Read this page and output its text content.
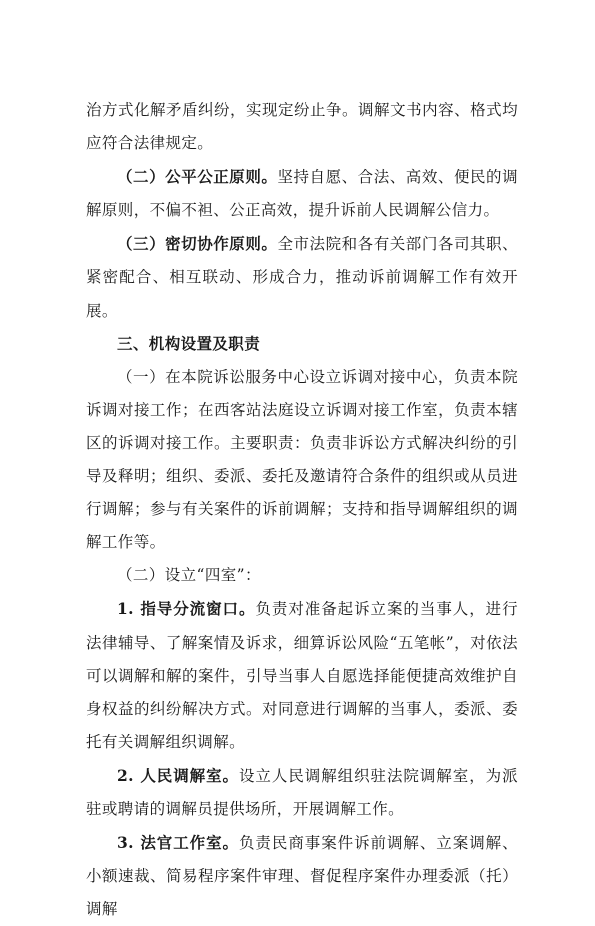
治方式化解矛盾纠纷，实现定纷止争。调解文书内容、格式均应符合法律规定。

（二）公平公正原则。坚持自愿、合法、高效、便民的调解原则，不偏不袒、公正高效，提升诉前人民调解公信力。

（三）密切协作原则。全市法院和各有关部门各司其职、紧密配合、相互联动、形成合力，推动诉前调解工作有效开展。

三、机构设置及职责

（一）在本院诉讼服务中心设立诉调对接中心，负责本院诉调对接工作；在西客站法庭设立诉调对接工作室，负责本辖区的诉调对接工作。主要职责：负责非诉讼方式解决纠纷的引导及释明；组织、委派、委托及邀请符合条件的组织或从员进行调解；参与有关案件的诉前调解；支持和指导调解组织的调解工作等。

（二）设立“四室”：

1. 指导分流窗口。负责对准备起诉立案的当事人，进行法律辅导、了解案情及诉求，细算诉讼风险“五笔帐”，对依法可以调解和解的案件，引导当事人自愿选择能便捷高效维护自身权益的纠纷解决方式。对同意进行调解的当事人，委派、委托有关调解组织调解。

2. 人民调解室。设立人民调解组织驻法院调解室，为派驻或聘请的调解员提供场所，开展调解工作。

3. 法官工作室。负责民商事案件诉前调解、立案调解、小额速裁、简易程序案件审理、督促程序案件办理委派（托）调解
